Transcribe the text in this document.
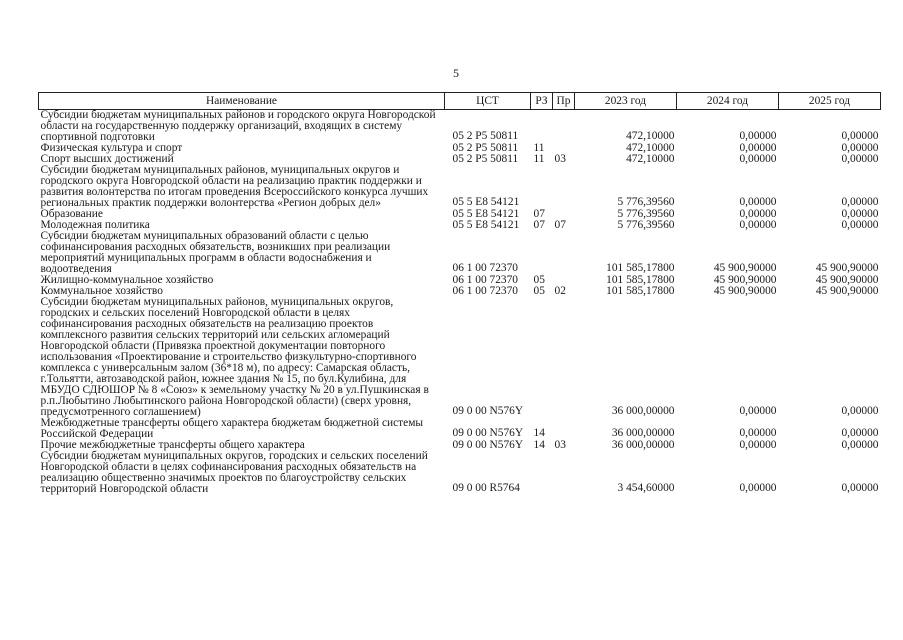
5
Наименование	ЦСТ	РЗ	Пр	2023 год	2024 год	2025 год
Субсидии бюджетам муниципальных районов и городского округа Новгородской области на государственную поддержку организаций, входящих в систему спортивной подготовки	05 2 Р5 50811			472,10000	0,00000	0,00000
Физическая культура и спорт	05 2 Р5 50811	11		472,10000	0,00000	0,00000
Спорт высших достижений	05 2 Р5 50811	11	03	472,10000	0,00000	0,00000
Субсидии бюджетам муниципальных районов, муниципальных округов и городского округа Новгородской области на реализацию практик поддержки и развития волонтерства по итогам проведения Всероссийского конкурса лучших региональных практик поддержки волонтерства «Регион добрых дел»	05 5 Е8 54121			5 776,39560	0,00000	0,00000
Образование	05 5 Е8 54121	07		5 776,39560	0,00000	0,00000
Молодежная политика	05 5 Е8 54121	07	07	5 776,39560	0,00000	0,00000
Субсидии бюджетам муниципальных образований области с целью софинансирования расходных обязательств, возникших при реализации мероприятий муниципальных программ в области водоснабжения и водоотведения	06 1 00 72370			101 585,17800	45 900,90000	45 900,90000
Жилищно-коммунальное хозяйство	06 1 00 72370	05		101 585,17800	45 900,90000	45 900,90000
Коммунальное хозяйство	06 1 00 72370	05	02	101 585,17800	45 900,90000	45 900,90000
Субсидии бюджетам муниципальных районов, муниципальных округов, городских и сельских поселений Новгородской области в целях софинансирования расходных обязательств на реализацию проектов комплексного развития сельских территорий или сельских агломераций Новгородской области (Привязка проектной документации повторного использования «Проектирование и строительство физкультурно-спортивного комплекса с универсальным залом (36*18 м), по адресу: Самарская область, г.Тольятти, автозаводской район, южнее здания № 15, по бул.Кулибина, для МБУДО СДЮШОР № 8 «Союз» к земельному участку № 20 в ул.Пушкинская в р.п.Любытино Любытинского района Новгородской области) (сверх уровня, предусмотренного соглашением)	09 0 00 N576Y			36 000,00000	0,00000	0,00000
Межбюджетные трансферты общего характера бюджетам бюджетной системы Российской Федерации	09 0 00 N576Y	14		36 000,00000	0,00000	0,00000
Прочие межбюджетные трансферты общего характера	09 0 00 N576Y	14	03	36 000,00000	0,00000	0,00000
Субсидии бюджетам муниципальных округов, городских и сельских поселений Новгородской области в целях софинансирования расходных обязательств на реализацию общественно значимых проектов по благоустройству сельских территорий Новгородской области	09 0 00 R5764			3 454,60000	0,00000	0,00000
